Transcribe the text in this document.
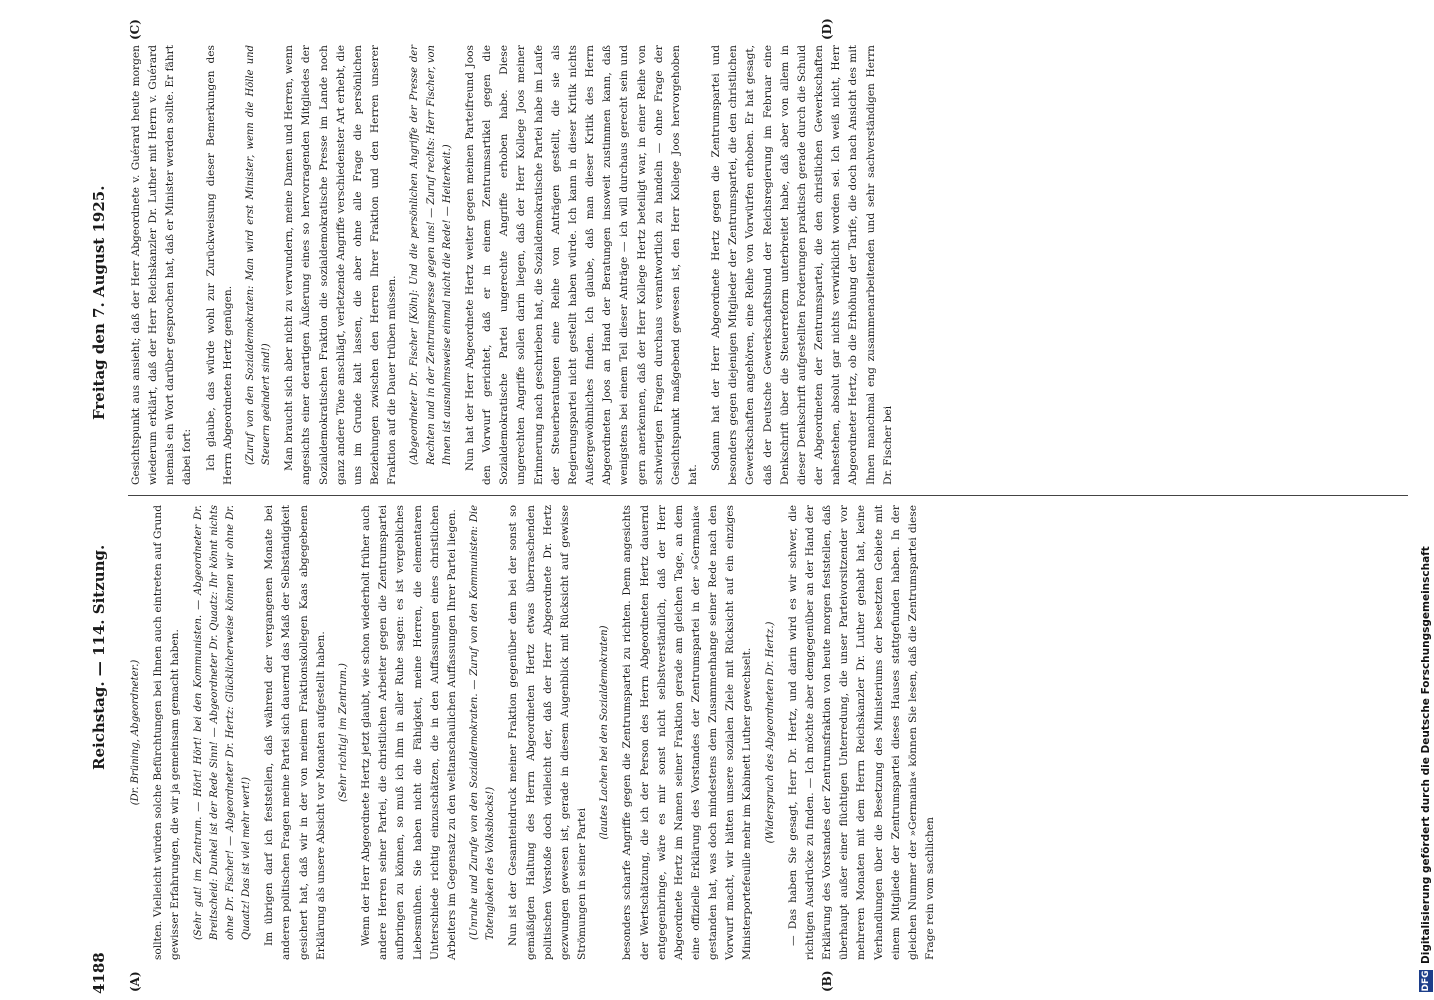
4188
Reichstag. — 114. Sitzung.
Freitag den 7. August 1925.
(A)	(B)
(C)	(D)

(Dr. Brüning, Abgeordneter.)	sollten. Vielleicht würden solche Befürchtungen bei Ihnen auch eintreten auf Grund gewisser Erfahrungen, die wir ja gemeinsam gemacht haben.	(Sehr gut! im Zentrum. — Hört! Hört! bei den Kommunisten. — Abgeordneter Dr. Breitscheid: Dunkel ist der Rede Sinn! — Abgeordneter Dr. Quaatz: Ihr könnt nichts ohne Dr. Fischer! — Abgeordneter Dr. Hertz: Glücklicherweise können wir ohne Dr. Quaatz! Das ist viel mehr wert!)	Im übrigen darf ich feststellen, daß während der vergangenen Monate bei anderen politischen Fragen meine Partei sich dauernd das Maß der Selbständigkeit gesichert hat, daß wir in der von meinem Fraktionskollegen Kaas abgegebenen Erklärung als unsere Absicht vor Monaten aufgestellt haben.	(Sehr richtig! im Zentrum.)	Wenn der Herr Abgeordnete Hertz jetzt glaubt, wie schon wiederholt früher auch andere Herren seiner Partei, die christlichen Arbeiter gegen die Zentrumspartei aufbringen zu können, so muß ich ihm in aller Ruhe sagen: es ist vergebliches Liebesmühen. Sie haben nicht die Fähigkeit, meine Herren, die elementaren Unterschiede richtig einzuschätzen, die in den Auffassungen eines christlichen Arbeiters im Gegensatz zu den weltanschaulichen Auffassungen Ihrer Partei liegen.	(Unruhe und Zurufe von den Sozialdemokraten. — Zuruf von den Kommunisten: Die Totengloken des Volksblocks!)	Nun ist der Gesamteindruck meiner Fraktion gegenüber dem bei der sonst so gemäßigten Haltung des Herrn Abgeordneten Hertz etwas überraschenden politischen Vorstoße doch vielleicht der, daß der Herr Abgeordnete Dr. Hertz gezwungen gewesen ist, gerade in diesem Augenblick mit Rücksicht auf gewisse Strömungen in seiner Partei

(lautes Lachen bei den Sozialdemokraten)	besonders scharfe Angriffe gegen die Zentrumspartei zu richten. Denn angesichts der Wertschätzung, die ich der Person des Herrn Abgeordneten Hertz dauernd entgegenbringe, wäre es mir sonst nicht selbstverständlich, daß der Herr Abgeordnete Hertz im Namen seiner Fraktion gerade am gleichen Tage, an dem eine offizielle Erklärung des Vorstandes der Zentrumspartei in der »Germania« gestanden hat, was doch mindestens dem Zusammenhange seiner Rede nach den Vorwurf macht, wir hätten unsere sozialen Ziele mit Rücksicht auf ein einziges Ministerportefeuille mehr im Kabinett Luther gewechselt.	(Widerspruch des Abgeordneten Dr. Hertz.)	— Das haben Sie gesagt, Herr Dr. Hertz, und darin wird es wir schwer, die richtigen Ausdrücke zu finden. — Ich möchte aber demgegenüber an der Hand der Erklärung des Vorstandes der Zentrumsfraktion von heute morgen feststellen, daß überhaupt außer einer flüchtigen Unterredung, die unser Parteivorsitzender vor mehreren Monaten mit dem Herrn Reichskanzler Dr. Luther gehabt hat, keine Verhandlungen über die Besetzung des Ministeriums der besetzten Gebiete mit einem Mitgliede der Zentrumspartei dieses Hauses stattgefunden haben. In der gleichen Nummer der »Germania« können Sie lesen, daß die Zentrumspartei diese Frage rein vom sachlichen

Gesichtspunkt aus ansieht; daß der Herr Abgeordnete v. Guérard heute morgen wiederum erklärt, daß der Herr Reichskanzler Dr. Luther mit Herrn v. Guérard niemals ein Wort darüber gesprochen hat, daß er Minister werden sollte. Er fährt dabei fort: Ich glaube, das würde wohl zur Zurückweisung dieser Bemerkungen des Herrn Abgeordneten Hertz genügen.	(Zuruf von den Sozialdemokraten: Man wird erst Minister, wenn die Hölle und Steuern geändert sind!)	Man braucht sich aber nicht zu verwundern, meine Damen und Herren, wenn angesichts einer derartigen Äußerung eines so hervorragenden Mitgliedes der Sozialdemokratischen Fraktion die sozialdemokratische Presse im Lande noch ganz andere Töne anschlägt, verletzende Angriffe verschiedenster Art erhebt, die uns im Grunde kalt lassen, die aber ohne alle Frage die persönlichen Beziehungen zwischen den Herren Ihrer Fraktion und den Herren unserer Fraktion auf die Dauer trüben müssen.	(Abgeordneter Dr. Fischer [Köln]: Und die persönlichen Angriffe der Presse der Rechten und in der Zentrumspresse gegen uns! — Zuruf rechts: Herr Fischer, von Ihnen ist ausnahmsweise einmal nicht die Rede! — Heiterkeit.)	Nun hat der Herr Abgeordnete Hertz weiter gegen meinen Parteifreund Joos den Vorwurf gerichtet, daß er in einem Zentrumsartikel gegen die Sozialdemokratische Partei ungerechte Angriffe erhoben habe. Diese ungerechten Angriffe sollen darin liegen, daß der Herr Kollege Joos meiner Erinnerung nach geschrieben hat, die Sozialdemokratische Partei habe im Laufe der Steuerberatungen eine Reihe von Anträgen gestellt, die sie als Regierungspartei nicht gestellt haben würde. Ich kann in dieser Kritik nichts Außergewöhnliches finden. Ich glaube, daß man dieser Kritik des Herrn Abgeordneten Joos an Hand der Beratungen insoweit zustimmen kann, daß wenigstens bei einem Teil dieser Anträge — ich will durchaus gerecht sein und gern anerkennen, daß der Herr Kollege Hertz beteiligt war, in einer Reihe von schwierigen Fragen durchaus verantwortlich zu handeln — ohne Frage der Gesichtspunkt maßgebend gewesen ist, den Herr Kollege Joos hervorgehoben hat.

Sodann hat der Herr Abgeordnete Hertz gegen die Zentrumspartei und besonders gegen diejenigen Mitglieder der Zentrumspartei, die den christlichen Gewerkschaften angehören, eine Reihe von Vorwürfen erhoben. Er hat gesagt, daß der Deutsche Gewerkschaftsbund der Reichsregierung im Februar eine Denkschrift über die Steuerreform unterbreitet habe, daß aber von allem in dieser Denkschrift aufgestellten Forderungen praktisch gerade durch die Schuld der Abgeordneten der Zentrumspartei, die den christlichen Gewerkschaften nahestehen, absolut gar nichts verwirklicht worden sei. Ich weiß nicht, Herr Abgeordneter Hertz, ob die Erhöhung der Tarife, die doch nach Ansicht des mit Ihnen manchmal eng zusammenarbeitenden und sehr sachverständigen Herrn Dr. Fischer bei

DFG
Digitalisierung gefördert durch die Deutsche Forschungsgemeinschaft
